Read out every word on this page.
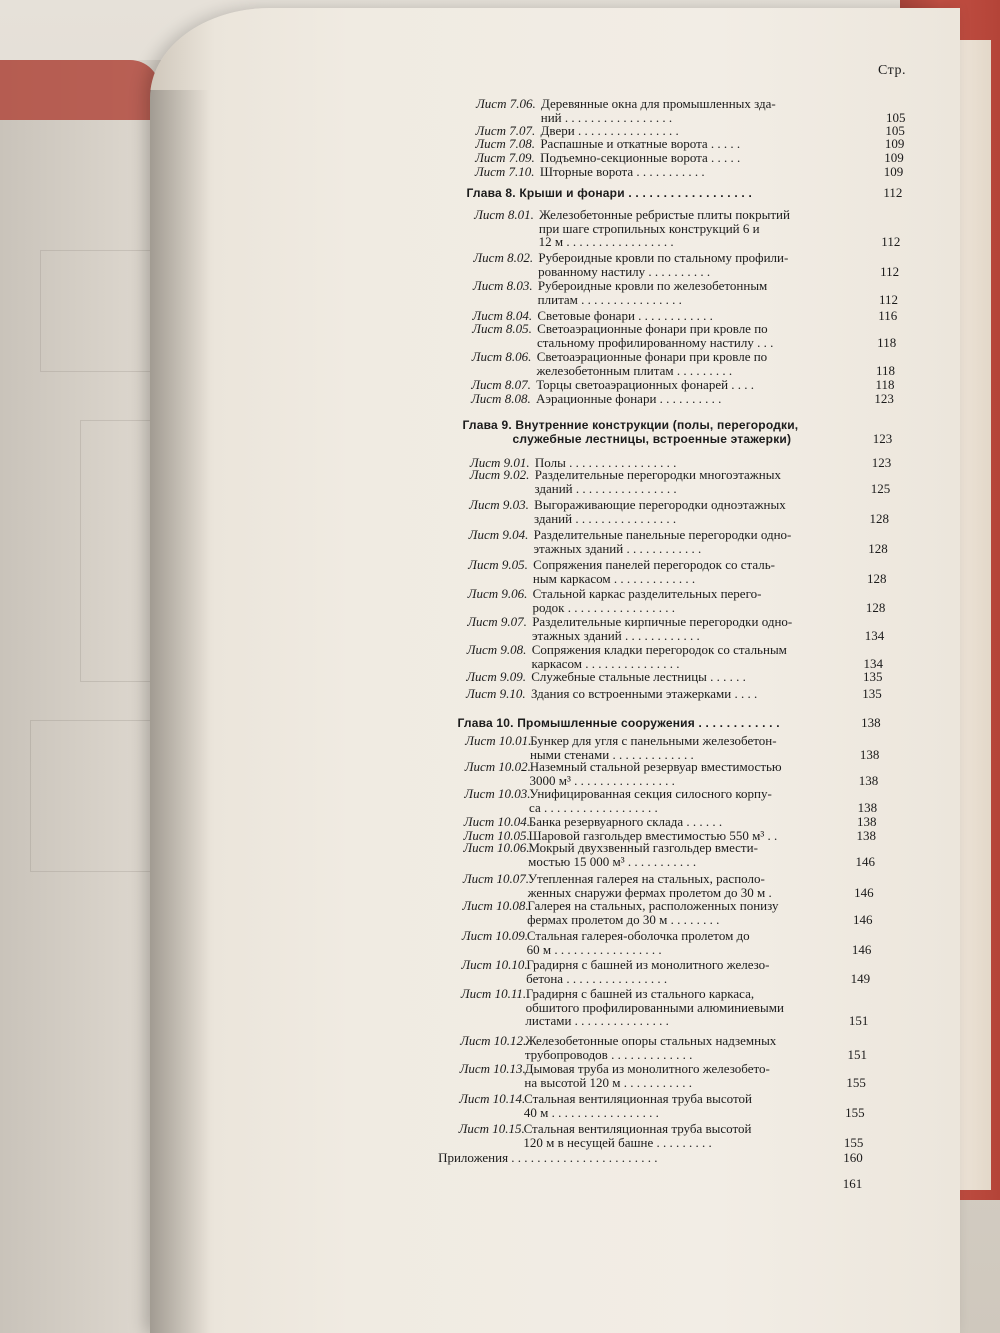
Стр.
Лист 7.06. Деревянные окна для промышленных зда-
ний . . . . . . . . . . . . . . . . .	105
Лист 7.07. Двери . . . . . . . . . . . . . . . .	105
Лист 7.08. Распашные и откатные ворота . . . . .	109
Лист 7.09. Подъемно-секционные ворота . . . . .	109
Лист 7.10. Шторные ворота . . . . . . . . . . .	109
Глава 8. Крыши и фонари . . . . . . . . . . . . . . . . . .	112
Лист 8.01. Железобетонные ребристые плиты покрытий
при шаге стропильных конструкций 6 и
12 м . . . . . . . . . . . . . . . . .	112
Лист 8.02. Рубероидные кровли по стальному профили-
рованному настилу . . . . . . . . . .	112
Лист 8.03. Рубероидные кровли по железобетонным
плитам . . . . . . . . . . . . . . . .	112
Лист 8.04. Световые фонари . . . . . . . . . . . .	116
Лист 8.05. Светоаэрационные фонари при кровле по
стальному профилированному настилу . . .	118
Лист 8.06. Светоаэрационные фонари при кровле по
железобетонным плитам . . . . . . . . .	118
Лист 8.07. Торцы светоаэрационных фонарей . . . .	118
Лист 8.08. Аэрационные фонари . . . . . . . . . .	123
Глава 9. Внутренние конструкции (полы, перегородки,
служебные лестницы, встроенные этажерки)	123
Лист 9.01. Полы . . . . . . . . . . . . . . . . .	123
Лист 9.02. Разделительные перегородки многоэтажных
зданий . . . . . . . . . . . . . . . .	125
Лист 9.03. Выгораживающие перегородки одноэтажных
зданий . . . . . . . . . . . . . . . .	128
Лист 9.04. Разделительные панельные перегородки одно-
этажных зданий . . . . . . . . . . . .	128
Лист 9.05. Сопряжения панелей перегородок со сталь-
ным каркасом . . . . . . . . . . . . .	128
Лист 9.06. Стальной каркас разделительных перего-
родок . . . . . . . . . . . . . . . . .	128
Лист 9.07. Разделительные кирпичные перегородки одно-
этажных зданий . . . . . . . . . . . .	134
Лист 9.08. Сопряжения кладки перегородок со стальным
каркасом . . . . . . . . . . . . . . .	134
Лист 9.09. Служебные стальные лестницы . . . . . .	135
Лист 9.10. Здания со встроенными этажерками . . . .	135
Глава 10. Промышленные сооружения . . . . . . . . . . . .	138
Лист 10.01.
Бункер для угля с панельными железобетон-
ными стенами . . . . . . . . . . . . .	138
Лист 10.02.
Наземный стальной резервуар вместимостью
3000 м³ . . . . . . . . . . . . . . . .	138
Лист 10.03.
Унифицированная секция силосного корпу-
са . . . . . . . . . . . . . . . . . .	138
Лист 10.04.
Банка резервуарного склада . . . . . .	138
Лист 10.05.
Шаровой газгольдер вместимостью 550 м³ . .	138
Лист 10.06.
Мокрый двухзвенный газгольдер вмести-
мостью 15 000 м³ . . . . . . . . . . .	146
Лист 10.07.
Утепленная галерея на стальных, располо-
женных снаружи фермах пролетом до 30 м .	146
Лист 10.08.
Галерея на стальных, расположенных понизу
фермах пролетом до 30 м . . . . . . . .	146
Лист 10.09.
Стальная галерея-оболочка пролетом до
60 м . . . . . . . . . . . . . . . . .	146
Лист 10.10.
Градирня с башней из монолитного железо-
бетона . . . . . . . . . . . . . . . .	149
Лист 10.11. Градирня с башней из стального каркаса,
обшитого профилированными алюминиевыми
листами . . . . . . . . . . . . . . .	151
Лист 10.12.
Железобетонные опоры стальных надземных
трубопроводов . . . . . . . . . . . . .	151
Лист 10.13.
Дымовая труба из монолитного железобето-
на высотой 120 м . . . . . . . . . . .	155
Лист 10.14.
Стальная вентиляционная труба высотой
40 м . . . . . . . . . . . . . . . . .	155
Лист 10.15.
Стальная вентиляционная труба высотой
120 м в несущей башне . . . . . . . . .	155
Приложения . . . . . . . . . . . . . . . . . . . . . . .	160
161
